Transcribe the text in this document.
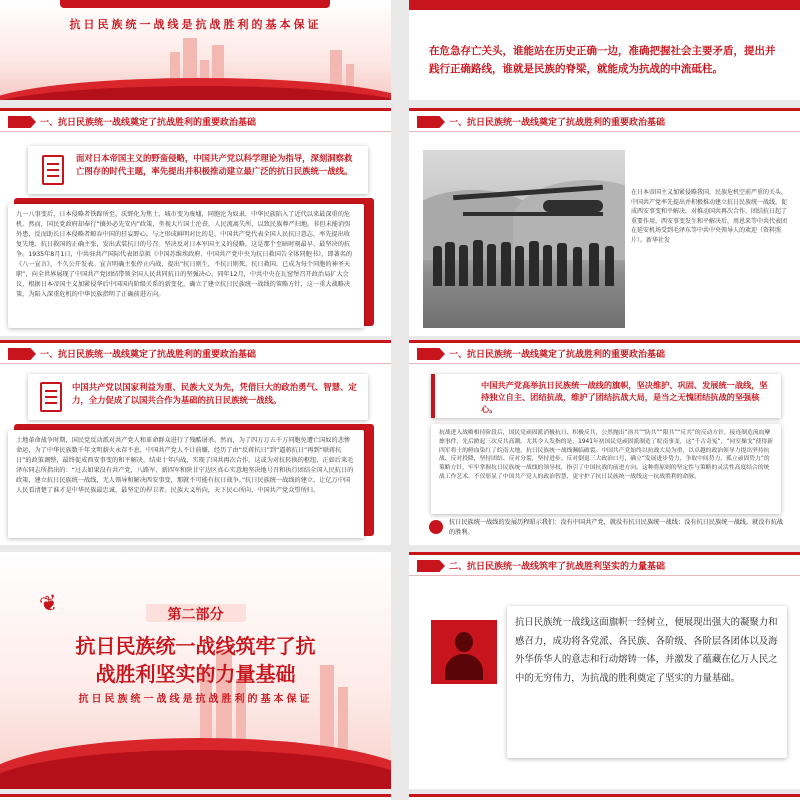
抗日民族统一战线是抗战胜利的基本保证
在危急存亡关头，谁能站在历史正确一边，准确把握社会主要矛盾，提出并践行正确路线，谁就是民族的脊梁，就能成为抗战的中流砥柱。
一、抗日民族统一战线奠定了抗战胜利的重要政治基础
面对日本帝国主义的野蛮侵略，中国共产党以科学理论为指导，深刻洞察救亡图存的时代主题，率先提出并积极推动建立最广泛的抗日民族统一战线。
九一八事变后，日本侵略者铁蹄所至，沃野化为焦土，城市变为废墟，同胞沦为奴隶，中华民族陷入了近代以来最深重的危机。然而，国民党政府却奉行“攘外必先安内”政策，坐视大片国土沦丧，人民流离失所，以致民族尊严扫地。非但未能消弭外患，反而助长日本侵略者鲸吞中国的狂妄野心。与之形成鲜明对比的是，中国共产党代表全国人民抗日意志，率先提出收复失地、抗日救国的正确主张，发出武装抗日的号召。坚决反对日本军国主义的侵略，这是那个至暗时刻最早、最坚决的抗争。1935年8月1日，中共驻共产国际代表团草拟《中国苏维埃政府、中国共产党中央为抗日救国告全体同胞书》，即著名的《八一宣言》，不久公开发表。宣言明确主张停止内战，提出“抗日则生，不抗日则死，抗日救国，已成为每个同胞的神圣天职”，向全世界展现了中国共产党团结带领全国人民共同抗日的坚强决心。同年12月，中共中央在瓦窑堡召开政治局扩大会议，根据日本帝国主义加紧侵华后中国国内阶级关系的新变化，确立了建立抗日民族统一战线的策略方针，这一重大战略决策，为陷入深重危机的中华民族指明了正确前进方向。
一、抗日民族统一战线奠定了抗战胜利的重要政治基础
在日本帝国主义加紧侵略我国、民族危机空前严重的关头，中国共产党率先提出并积极推动建立抗日民族统一战线，促成西安事变和平解决，对推动国共再次合作、团结抗日起了重要作用。西安事变发生和平解决后，周恩来等中共代表团在延安机场受到毛泽东等中共中央领导人的欢迎（资料照片）。新华社发
一、抗日民族统一战线奠定了抗战胜利的重要政治基础
中国共产党以国家利益为重、民族大义为先，凭借巨大的政治勇气、智慧、定力，全力促成了以国共合作为基础的抗日民族统一战线。
土地革命战争时期，国民党反动派对共产党人和革命群众进行了残酷屠杀。然而，为了四万万五千万同胞免遭亡国奴的悲惨命运，为了中华民族数千年文明薪火永存不息，中国共产党人不计前嫌，经历了由“反蒋抗日”到“逼蒋抗日”再到“联蒋抗日”的政策调整，最终促成西安事变的和平解决，结束十年内战，实现了国共再次合作。这或为对抗转换的枢纽，正如后来毛泽东同志所指出的：“过去如果没有共产党，八路军、新四军和陕甘宁边区真心实意地坚决地号召和执行团结全国人民抗日的政策，建立抗日民族统一战线，无人领导和解决西安事变，那就不可能有抗日战争。”抗日民族统一战线的建立，让亿万中国人民看清楚了谁才是中华民族最忠诚、最坚定的捍卫者。民族大义所向，天下民心所向，中国共产党众望所归。
一、抗日民族统一战线奠定了抗战胜利的重要政治基础
中国共产党高举抗日民族统一战线的旗帜，坚决维护、巩固、发展统一战线，坚持独立自主、团结抗战，维护了团结抗战大局，是当之无愧团结抗战的坚强核心。
抗战进入战略相持阶段后，国民党顽固派消极抗日、积极反共，公然抛出“溶共”“防共”“限共”“反共”的反动方针，接连制造流血摩擦事件，先后掀起三次反共高潮。尤其令人发指的是，1941年初国民党顽固派制造了皖南事变，这“千古奇冤”，“同室操戈”使得新四军将士的鲜血染红了皖南大地，抗日民族统一战线濒临破裂。中国共产党始终以抗战大局为重，以卓越的政治领导力提出坚持抗战、反对投降，坚持团结、反对分裂，坚持进步、反对倒退三大政治口号，确立“发展进步势力，争取中间势力，孤立顽固势力”的策略方针，牢牢掌握抗日民族统一战线的领导权，指引了中国抗战的前进方向。这种将原则的坚定性与策略的灵活性高度结合的统战工作艺术，不仅彰显了中国共产党人的政治智慧，更守护了抗日民族统一战线这一抗战胜利的命脉。
抗日民族统一战线的发展历程昭示我们：没有中国共产党，就没有抗日民族统一战线；没有抗日民族统一战线，就没有抗战的胜利。
❦	第二部分
抗日民族统一战线筑牢了抗
战胜利坚实的力量基础
抗日民族统一战线是抗战胜利的基本保证
二、抗日民族统一战线筑牢了抗战胜利坚实的力量基础
抗日民族统一战线这面旗帜一经树立，便展现出强大的凝聚力和感召力，成功将各党派、各民族、各阶级、各阶层各团体以及海外华侨华人的意志和行动熔铸一体，并激发了蕴藏在亿万人民之中的无穷伟力，为抗战的胜利奠定了坚实的力量基础。
